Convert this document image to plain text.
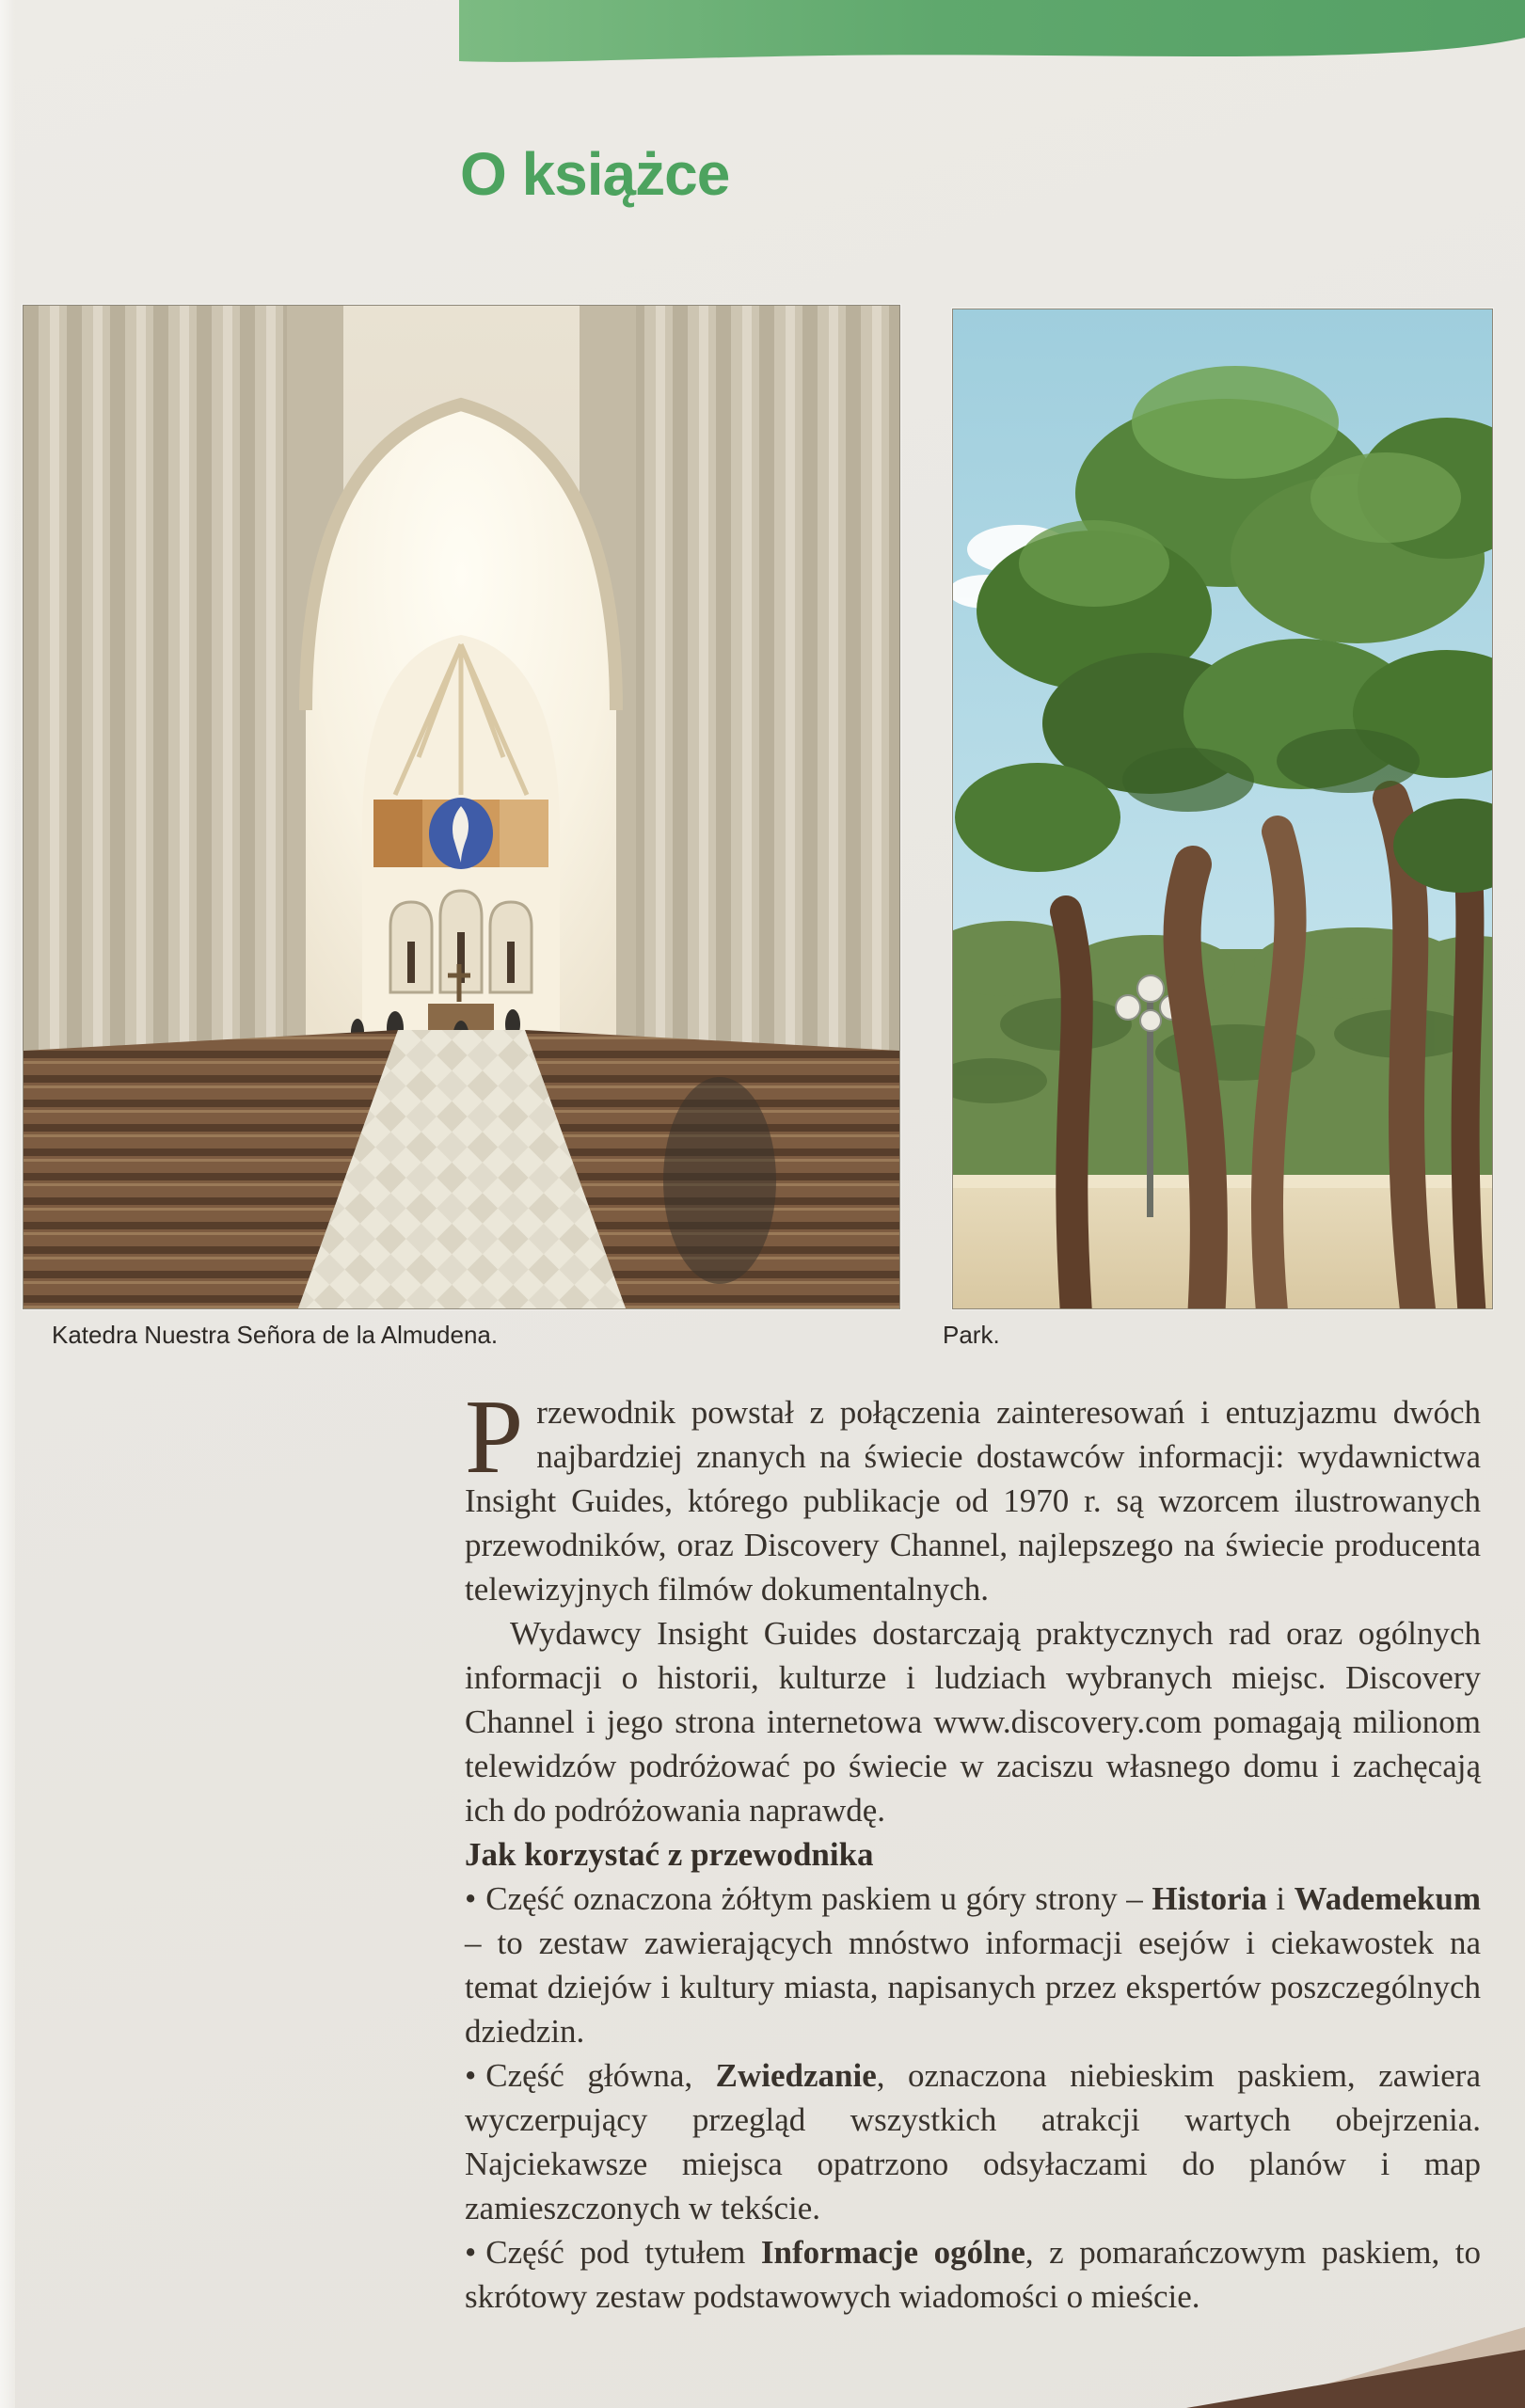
O książce
Katedra Nuestra Señora de la Almudena.	Park.

Przewodnik powstał z połączenia zainteresowań i entuzjazmu dwóch najbardziej znanych na świecie dostawców informacji: wydawnictwa Insight Guides, którego publikacje od 1970 r. są wzorcem ilustrowanych przewodników, oraz Discovery Channel, najlepszego na świecie producenta telewizyjnych filmów dokumentalnych.

Wydawcy Insight Guides dostarczają praktycznych rad oraz ogólnych informacji o historii, kulturze i ludziach wybranych miejsc. Discovery Channel i jego strona internetowa www.discovery.com pomagają milionom telewidzów podróżować po świecie w zaciszu własnego domu i zachęcają ich do podróżowania naprawdę.

Jak korzystać z przewodnika

• Część oznaczona żółtym paskiem u góry strony – Historia i Wademekum – to zestaw zawierających mnóstwo informacji esejów i ciekawostek na temat dziejów i kultury miasta, napisanych przez ekspertów poszczególnych dziedzin.

• Część główna, Zwiedzanie, oznaczona niebieskim paskiem, zawiera wyczerpujący przegląd wszystkich atrakcji wartych obejrzenia. Najciekawsze miejsca opatrzono odsyłaczami do planów i map zamieszczonych w tekście.

• Część pod tytułem Informacje ogólne, z pomarańczowym paskiem, to skrótowy zestaw podstawowych wiadomości o mieście.
